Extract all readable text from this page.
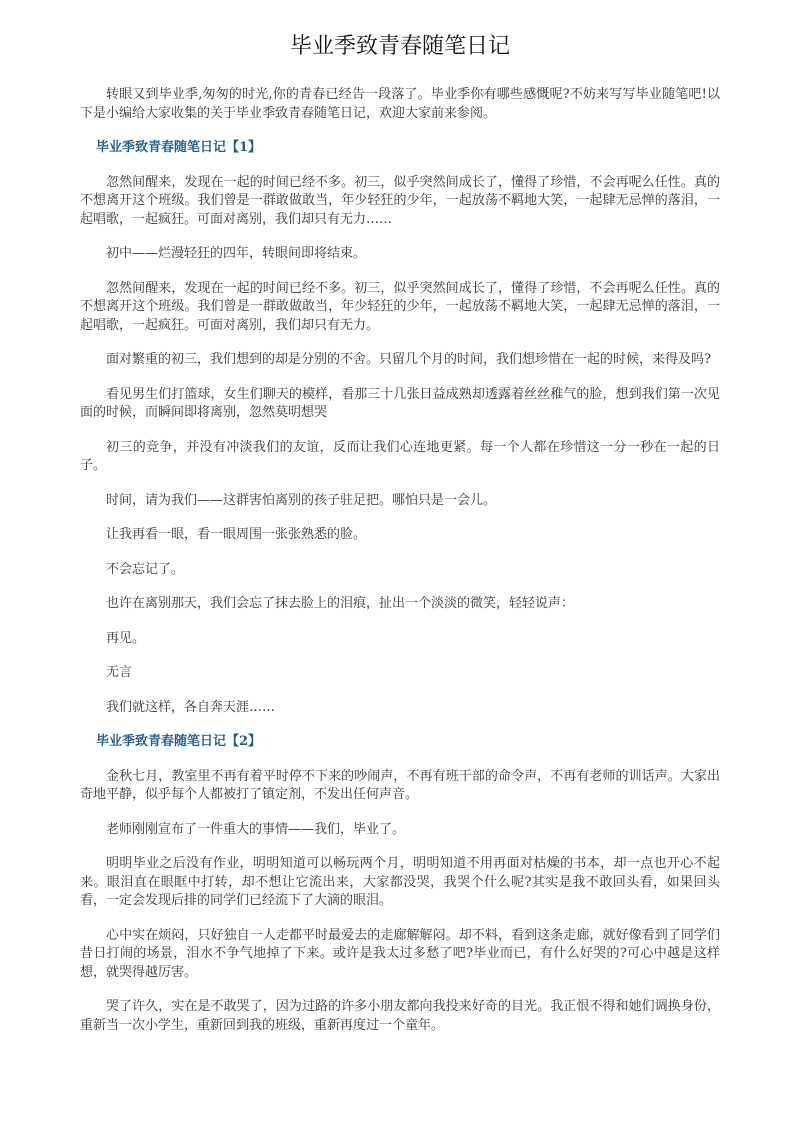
毕业季致青春随笔日记

转眼又到毕业季,匆匆的时光,你的青春已经告一段落了。毕业季你有哪些感慨呢?不妨来写写毕业随笔吧!以下是小编给大家收集的关于毕业季致青春随笔日记，欢迎大家前来参阅。

毕业季致青春随笔日记【1】

忽然间醒来，发现在一起的时间已经不多。初三，似乎突然间成长了，懂得了珍惜，不会再呢么任性。真的不想离开这个班级。我们曾是一群敢做敢当，年少轻狂的少年，一起放荡不羁地大笑，一起肆无忌惮的落泪，一起唱歌，一起疯狂。可面对离别，我们却只有无力……

初中——烂漫轻狂的四年，转眼间即将结束。

忽然间醒来，发现在一起的时间已经不多。初三，似乎突然间成长了，懂得了珍惜，不会再呢么任性。真的不想离开这个班级。我们曾是一群敢做敢当，年少轻狂的少年，一起放荡不羁地大笑，一起肆无忌惮的落泪，一起唱歌，一起疯狂。可面对离别，我们却只有无力。

面对繁重的初三，我们想到的却是分别的不舍。只留几个月的时间，我们想珍惜在一起的时候，来得及吗?

看见男生们打篮球，女生们聊天的模样，看那三十几张日益成熟却透露着丝丝稚气的脸，想到我们第一次见面的时候，而瞬间即将离别，忽然莫明想哭

初三的竞争，并没有冲淡我们的友谊，反而让我们心连地更紧。每一个人都在珍惜这一分一秒在一起的日子。

时间，请为我们——这群害怕离别的孩子驻足把。哪怕只是一会儿。

让我再看一眼，看一眼周围一张张熟悉的脸。

不会忘记了。

也许在离别那天，我们会忘了抹去脸上的泪痕，扯出一个淡淡的微笑，轻轻说声：

再见。

无言

我们就这样，各自奔天涯……

毕业季致青春随笔日记【2】

金秋七月，教室里不再有着平时停不下来的吵闹声，不再有班干部的命令声，不再有老师的训话声。大家出奇地平静，似乎每个人都被打了镇定剂，不发出任何声音。

老师刚刚宣布了一件重大的事情——我们，毕业了。

明明毕业之后没有作业，明明知道可以畅玩两个月，明明知道不用再面对枯燥的书本，却一点也开心不起来。眼泪直在眼眶中打转，却不想让它流出来，大家都没哭，我哭个什么呢?其实是我不敢回头看，如果回头看，一定会发现后排的同学们已经流下了大滴的眼泪。

心中实在烦闷，只好独自一人走都平时最爱去的走廊解解闷。却不料，看到这条走廊，就好像看到了同学们昔日打闹的场景，泪水不争气地掉了下来。或许是我太过多愁了吧?毕业而已，有什么好哭的?可心中越是这样想，就哭得越厉害。

哭了许久，实在是不敢哭了，因为过路的许多小朋友都向我投来好奇的目光。我正恨不得和她们调换身份，重新当一次小学生，重新回到我的班级，重新再度过一个童年。
